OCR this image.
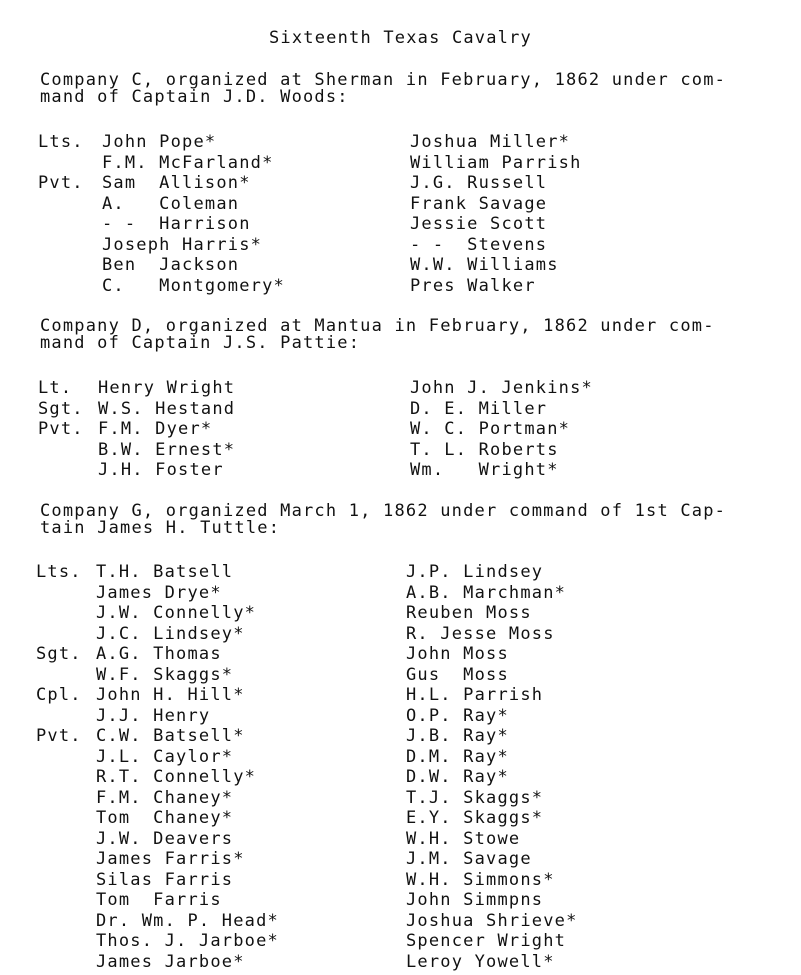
Sixteenth Texas Cavalry
Company C, organized at Sherman in February, 1862 under com-
mand of Captain J.D. Woods:
Lts. John Pope*
F.M. McFarland*
Pvt. Sam  Allison*
A.   Coleman
- -  Harrison
Joseph Harris*
Ben  Jackson
C.   Montgomery*
Joshua Miller*
William Parrish
J.G. Russell
Frank Savage
Jessie Scott
- -  Stevens
W.W. Williams
Pres Walker
Company D, organized at Mantua in February, 1862 under com-
mand of Captain J.S. Pattie:
Lt. Henry Wright
Sgt. W.S. Hestand
Pvt. F.M. Dyer*
B.W. Ernest*
J.H. Foster
John J. Jenkins*
D. E. Miller
W. C. Portman*
T. L. Roberts
Wm.   Wright*
Company G, organized March 1, 1862 under command of 1st Cap-
tain James H. Tuttle:
Lts. T.H. Batsell
James Drye*
J.W. Connelly*
J.C. Lindsey*
Sgt. A.G. Thomas
W.F. Skaggs*
Cpl. John H. Hill*
J.J. Henry
Pvt. C.W. Batsell*
J.L. Caylor*
R.T. Connelly*
F.M. Chaney*
Tom  Chaney*
J.W. Deavers
James Farris*
Silas Farris
Tom  Farris
Dr. Wm. P. Head*
Thos. J. Jarboe*
James Jarboe*
J.P. Lindsey
A.B. Marchman*
Reuben Moss
R. Jesse Moss
John Moss
Gus  Moss
H.L. Parrish
O.P. Ray*
J.B. Ray*
D.M. Ray*
D.W. Ray*
T.J. Skaggs*
E.Y. Skaggs*
W.H. Stowe
J.M. Savage
W.H. Simmons*
John Simmpns
Joshua Shrieve*
Spencer Wright
Leroy Yowell*
